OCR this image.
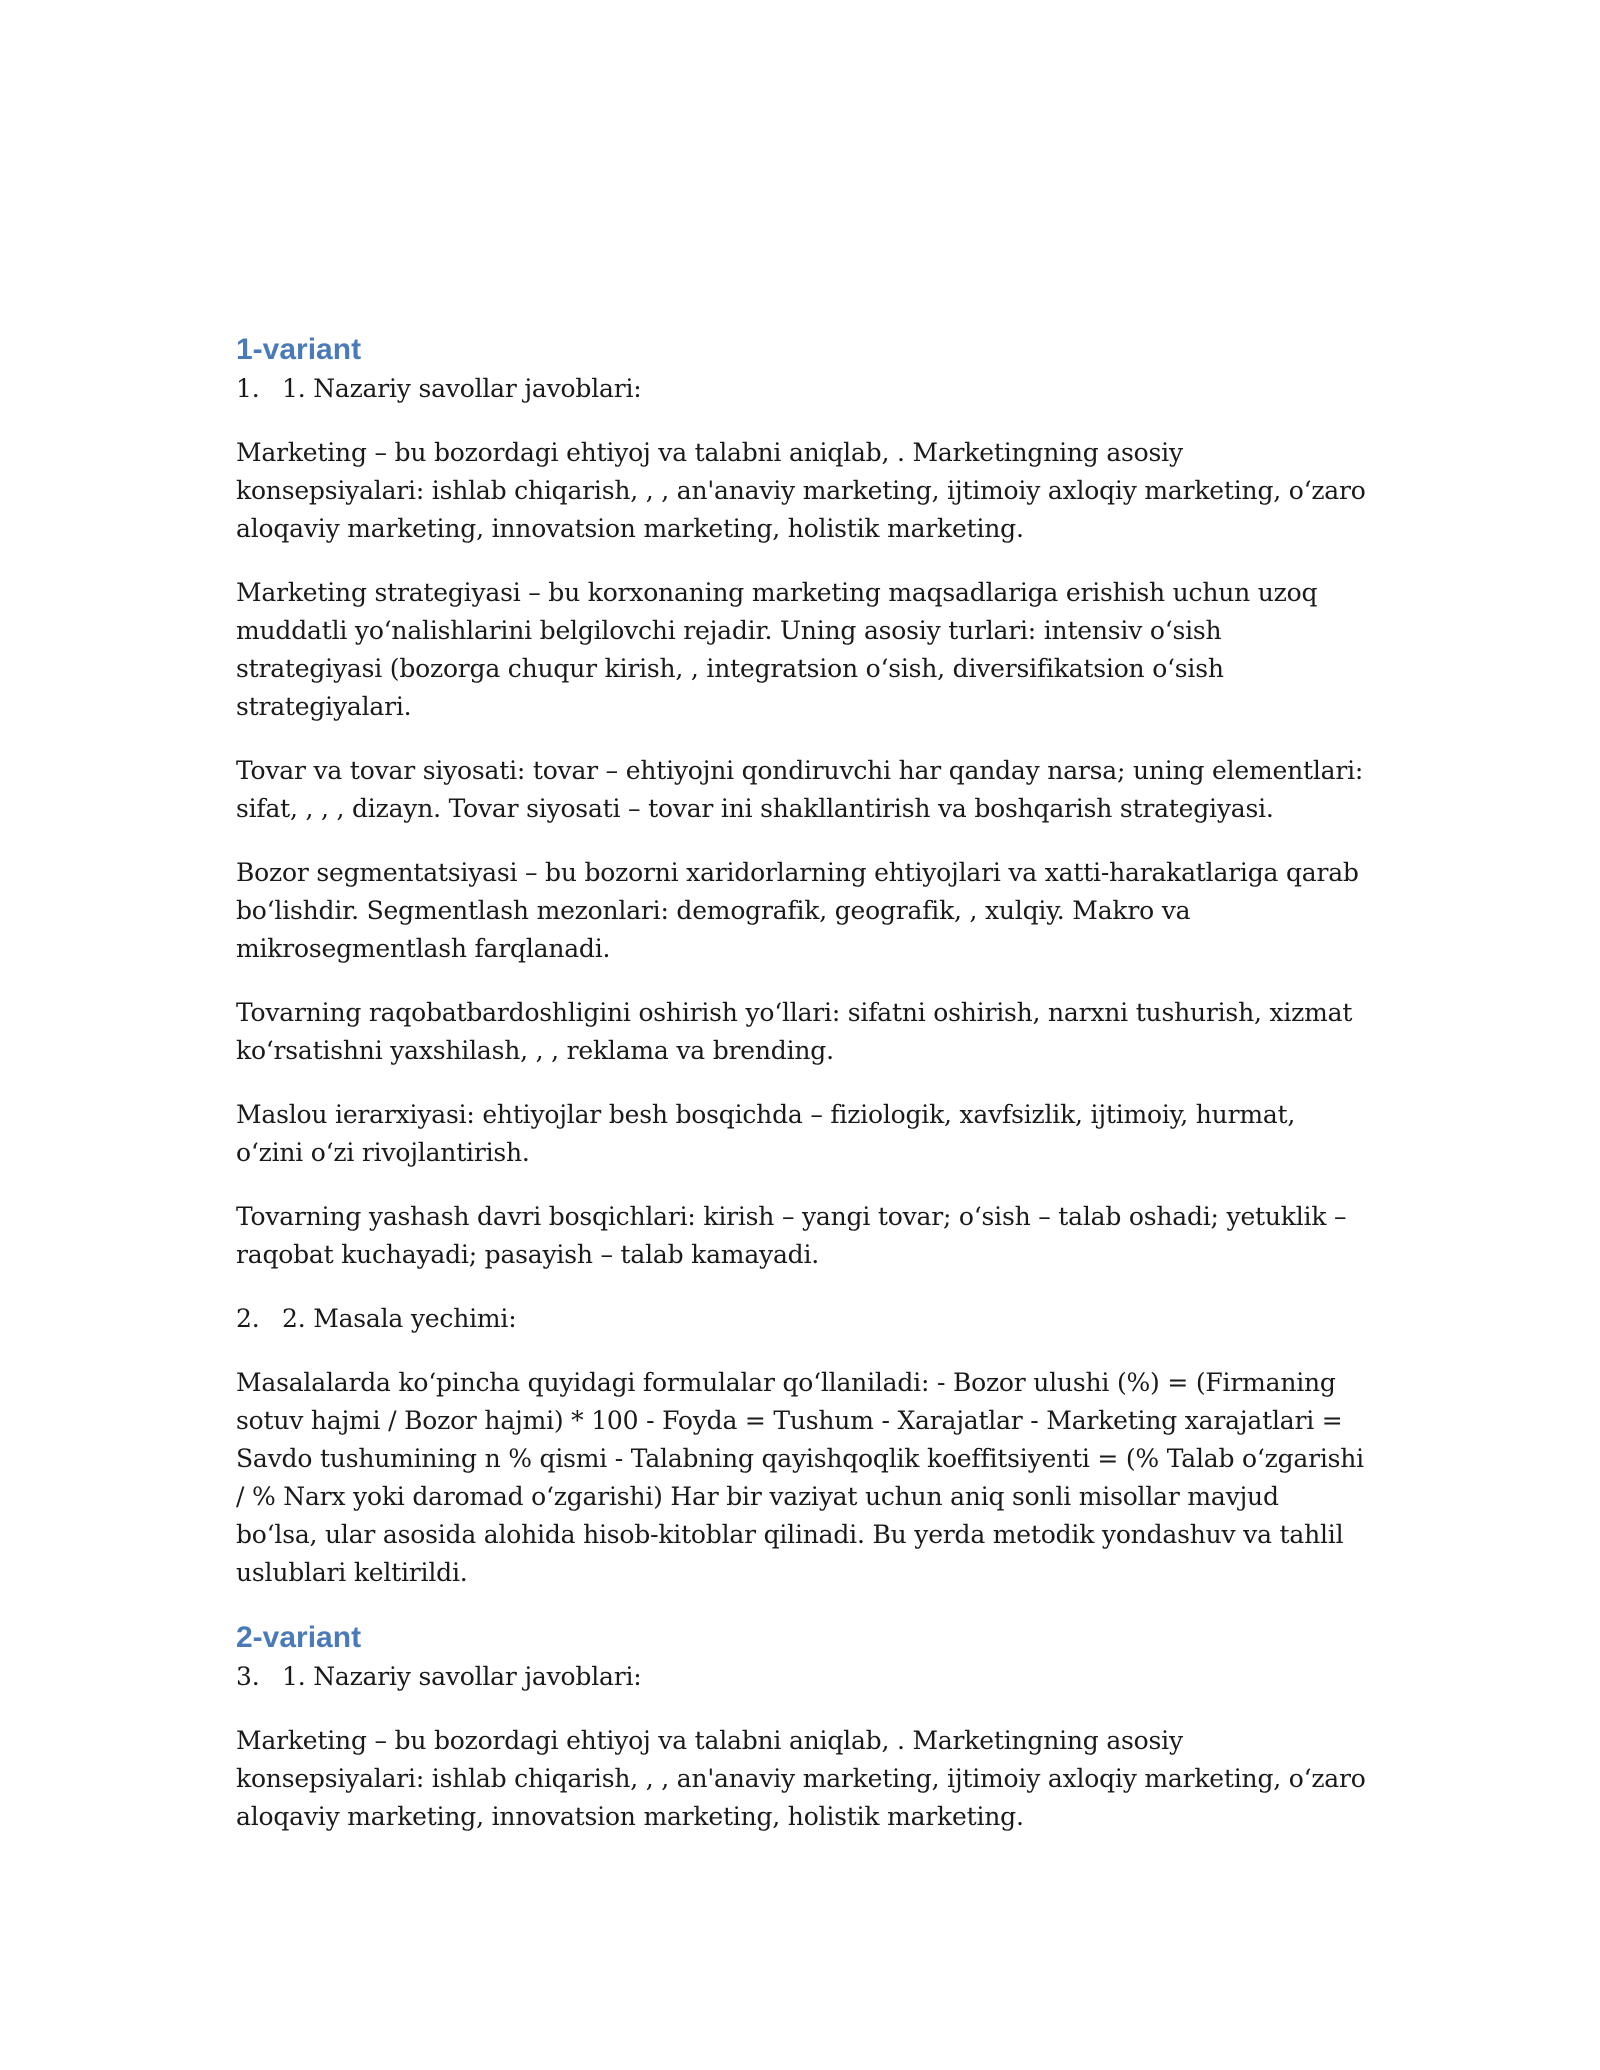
1-variant
1. 1. Nazariy savollar javoblari:

Marketing – bu bozordagi ehtiyoj va talabni aniqlab, . Marketingning asosiy konsepsiyalari: ishlab chiqarish, , , an'anaviy marketing, ijtimoiy axloqiy marketing, o‘zaro aloqaviy marketing, innovatsion marketing, holistik marketing.

Marketing strategiyasi – bu korxonaning marketing maqsadlariga erishish uchun uzoq muddatli yo‘nalishlarini belgilovchi rejadir. Uning asosiy turlari: intensiv o‘sish strategiyasi (bozorga chuqur kirish, , integratsion o‘sish, diversifikatsion o‘sish strategiyalari.

Tovar va tovar siyosati: tovar – ehtiyojni qondiruvchi har qanday narsa; uning elementlari: sifat, , , , dizayn. Tovar siyosati – tovar ini shakllantirish va boshqarish strategiyasi.

Bozor segmentatsiyasi – bu bozorni xaridorlarning ehtiyojlari va xatti-harakatlariga qarab bo‘lishdir. Segmentlash mezonlari: demografik, geografik, , xulqiy. Makro va mikrosegmentlash farqlanadi.

Tovarning raqobatbardoshligini oshirish yo‘llari: sifatni oshirish, narxni tushurish, xizmat ko‘rsatishni yaxshilash, , , reklama va brending.

Maslou ierarxiyasi: ehtiyojlar besh bosqichda – fiziologik, xavfsizlik, ijtimoiy, hurmat, o‘zini o‘zi rivojlantirish.

Tovarning yashash davri bosqichlari: kirish – yangi tovar; o‘sish – talab oshadi; yetuklik – raqobat kuchayadi; pasayish – talab kamayadi.

2. 2. Masala yechimi:

Masalalarda ko‘pincha quyidagi formulalar qo‘llaniladi: - Bozor ulushi (%) = (Firmaning sotuv hajmi / Bozor hajmi) * 100 - Foyda = Tushum - Xarajatlar - Marketing xarajatlari = Savdo tushumining n % qismi - Talabning qayishqoqlik koeffitsiyenti = (% Talab o‘zgarishi / % Narx yoki daromad o‘zgarishi) Har bir vaziyat uchun aniq sonli misollar mavjud bo‘lsa, ular asosida alohida hisob-kitoblar qilinadi. Bu yerda metodik yondashuv va tahlil uslublari keltirildi.

2-variant
3. 1. Nazariy savollar javoblari:

Marketing – bu bozordagi ehtiyoj va talabni aniqlab, . Marketingning asosiy konsepsiyalari: ishlab chiqarish, , , an'anaviy marketing, ijtimoiy axloqiy marketing, o‘zaro aloqaviy marketing, innovatsion marketing, holistik marketing.
